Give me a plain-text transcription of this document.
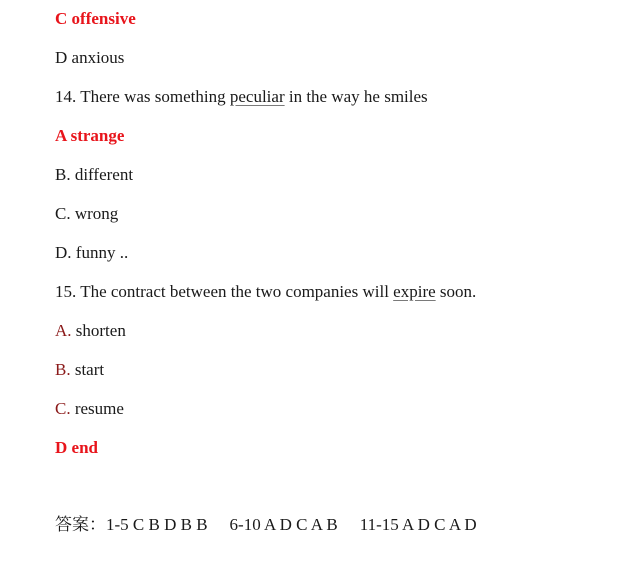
C offensive
D anxious
14. There was something peculiar in the way he smiles
A strange
B. different
C. wrong
D. funny ..
15. The contract between the two companies will expire soon.
A. shorten
B. start
C. resume
D end
答案：1-5 C B D B B 6-10 A D C A B 11-15 A D C A D
